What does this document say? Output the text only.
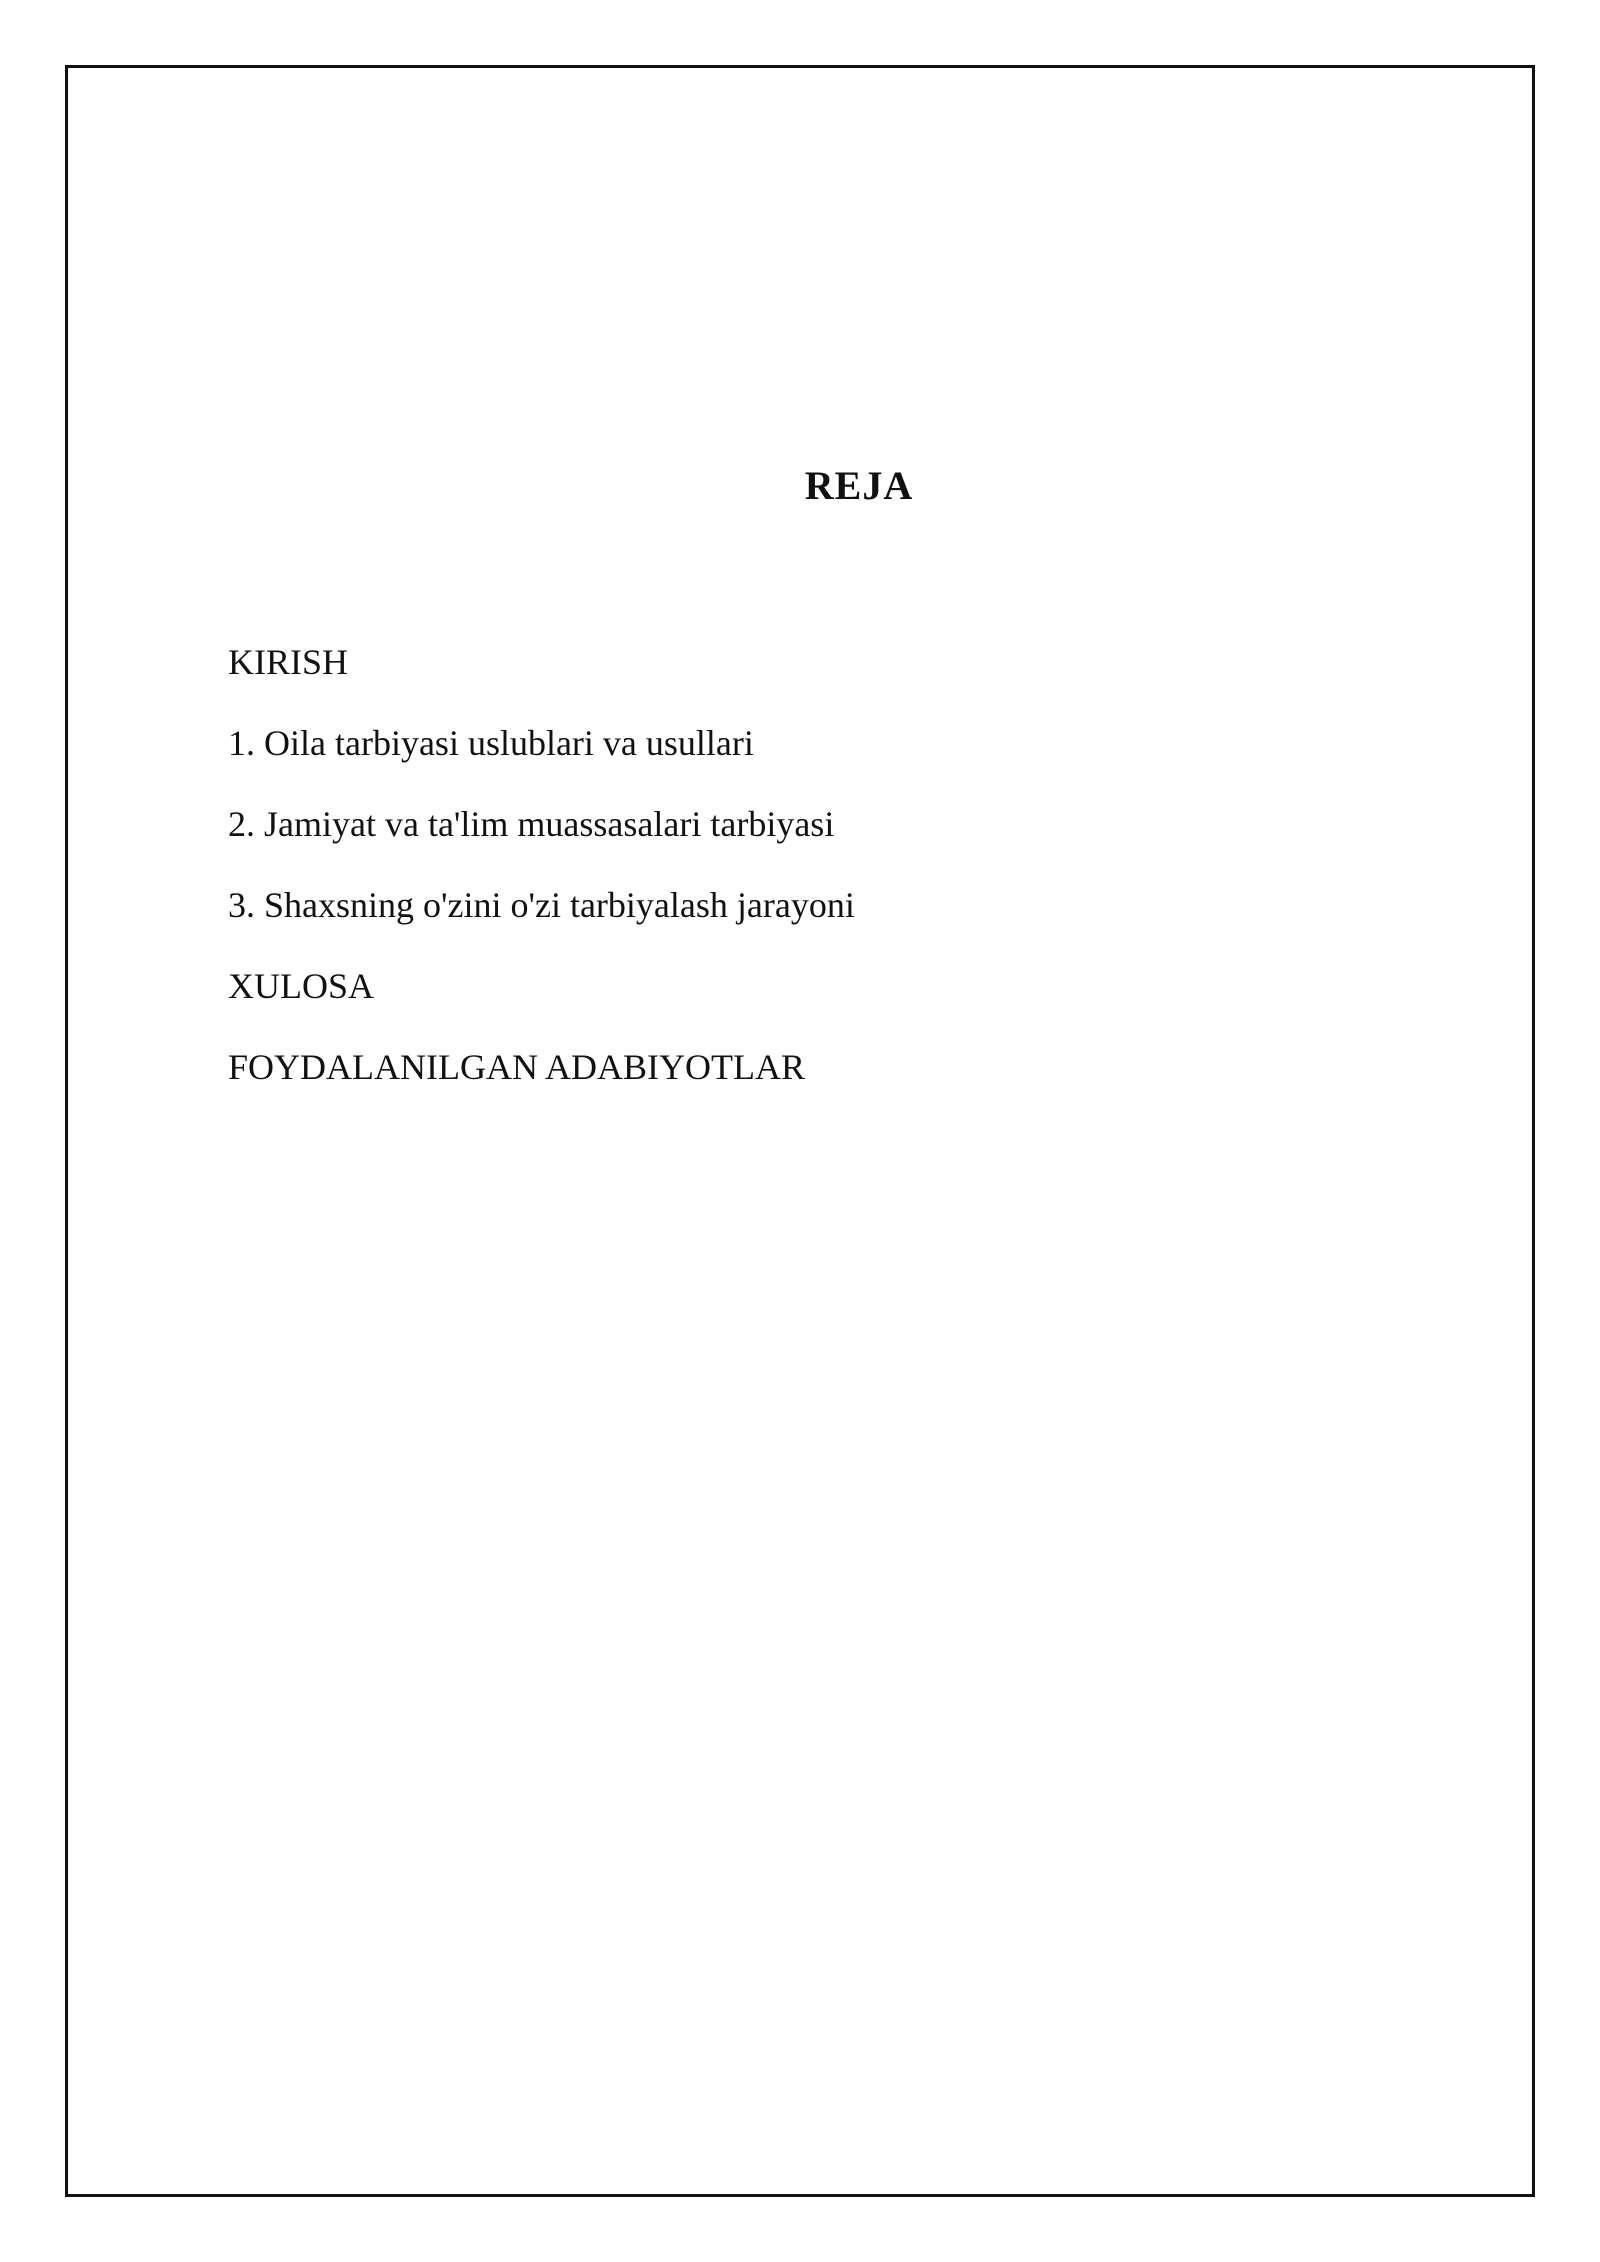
REJA
KIRISH
1. Oila tarbiyasi uslublari va usullari
2. Jamiyat va ta'lim muassasalari tarbiyasi
3. Shaxsning o'zini o'zi tarbiyalash jarayoni
XULOSA
FOYDALANILGAN ADABIYOTLAR
